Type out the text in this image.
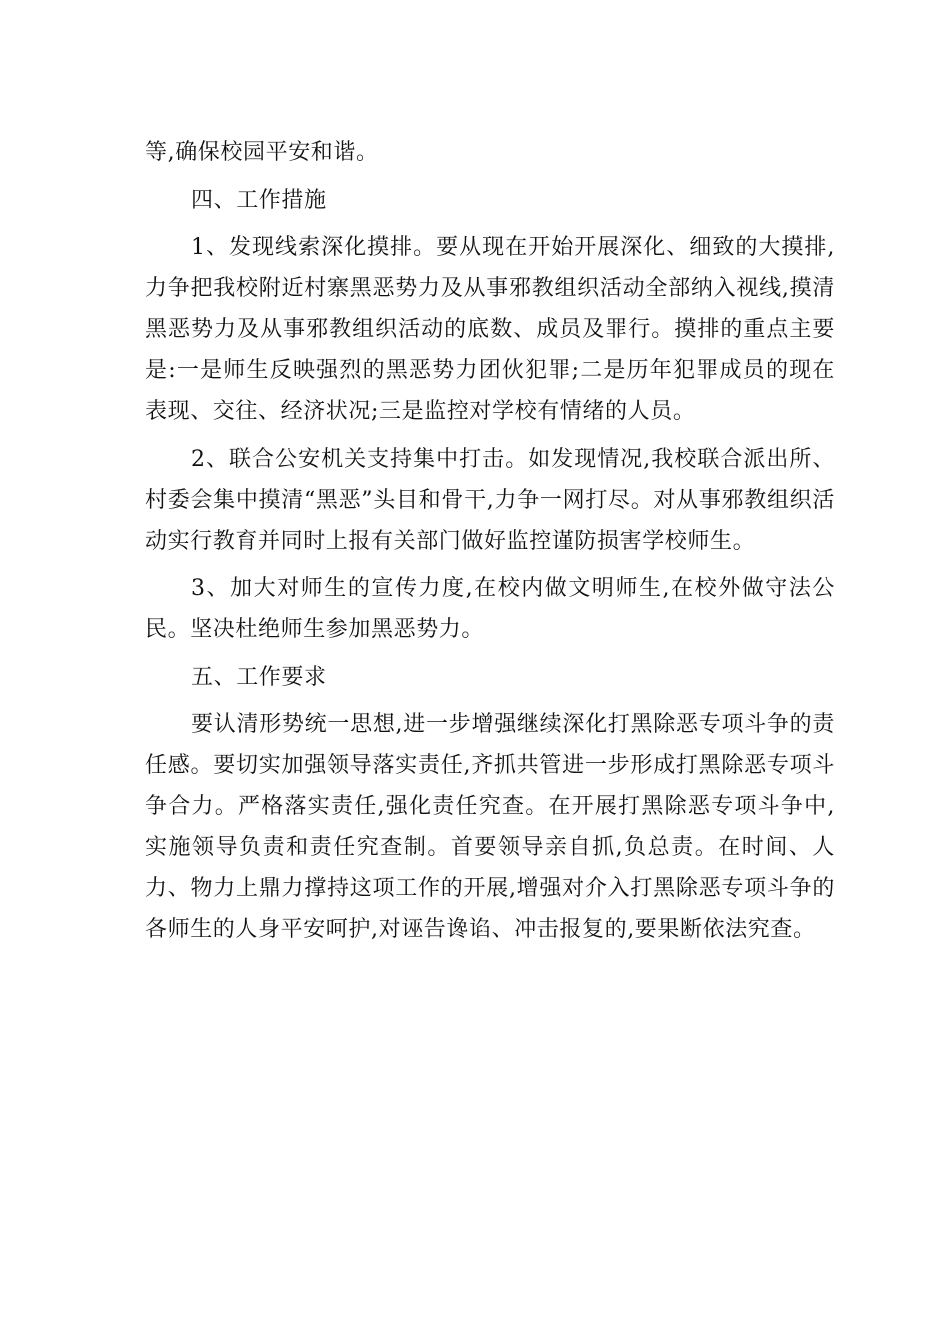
等,确保校园平安和谐。

四、工作措施

1、发现线索深化摸排。要从现在开始开展深化、细致的大摸排,力争把我校附近村寨黑恶势力及从事邪教组织活动全部纳入视线,摸清黑恶势力及从事邪教组织活动的底数、成员及罪行。摸排的重点主要是:一是师生反映强烈的黑恶势力团伙犯罪;二是历年犯罪成员的现在表现、交往、经济状况;三是监控对学校有情绪的人员。

2、联合公安机关支持集中打击。如发现情况,我校联合派出所、村委会集中摸清“黑恶”头目和骨干,力争一网打尽。对从事邪教组织活动实行教育并同时上报有关部门做好监控谨防损害学校师生。

3、加大对师生的宣传力度,在校内做文明师生,在校外做守法公民。坚决杜绝师生参加黑恶势力。

五、工作要求

要认清形势统一思想,进一步增强继续深化打黑除恶专项斗争的责任感。要切实加强领导落实责任,齐抓共管进一步形成打黑除恶专项斗争合力。严格落实责任,强化责任究查。在开展打黑除恶专项斗争中,实施领导负责和责任究查制。首要领导亲自抓,负总责。在时间、人力、物力上鼎力撑持这项工作的开展,增强对介入打黑除恶专项斗争的各师生的人身平安呵护,对诬告谗谄、冲击报复的,要果断依法究查。
